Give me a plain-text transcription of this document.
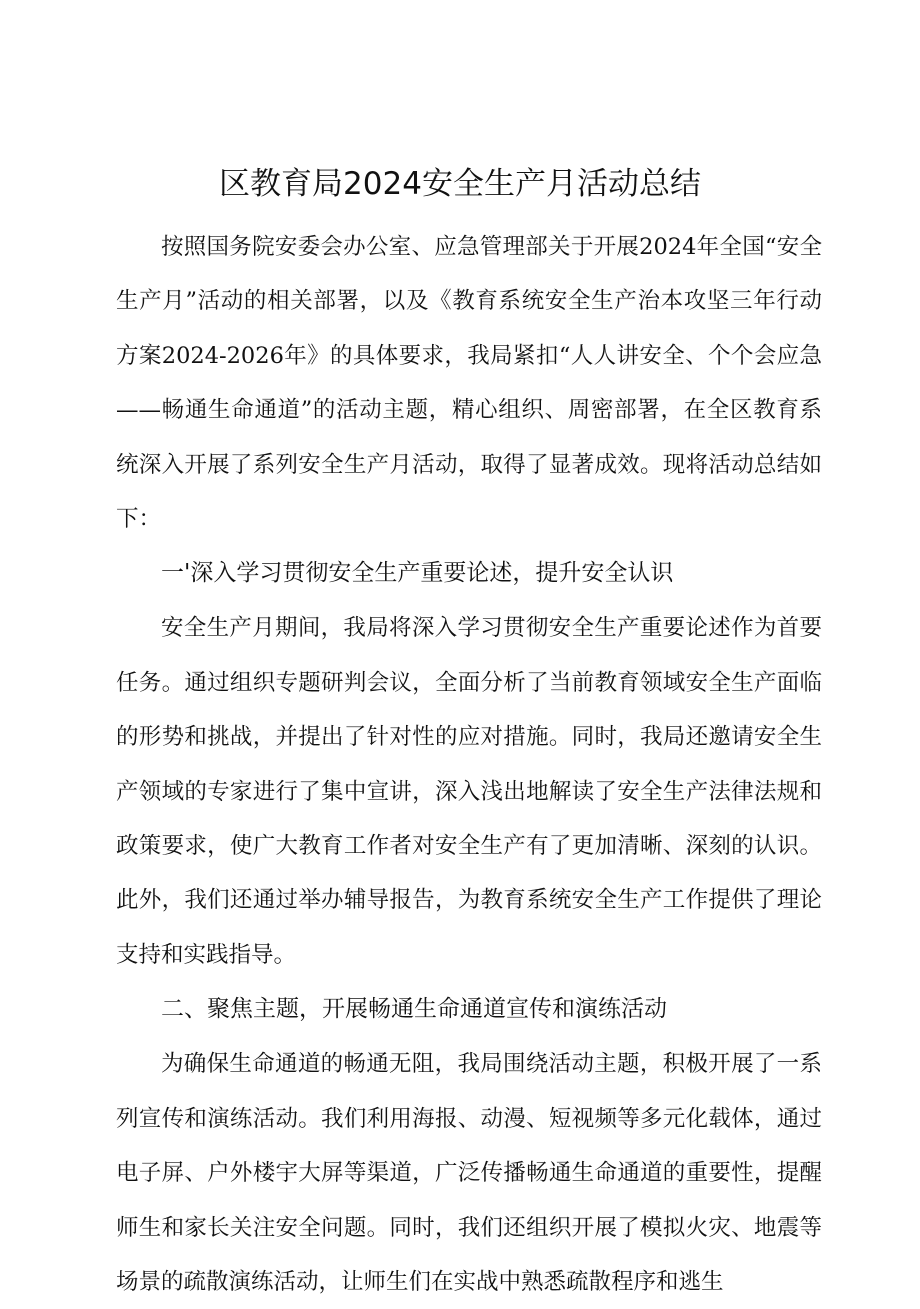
区教育局2024安全生产月活动总结

按照国务院安委会办公室、应急管理部关于开展2024年全国“安全生产月”活动的相关部署，以及《教育系统安全生产治本攻坚三年行动方案2024-2026年》的具体要求，我局紧扣“人人讲安全、个个会应急——畅通生命通道”的活动主题，精心组织、周密部署，在全区教育系统深入开展了系列安全生产月活动，取得了显著成效。现将活动总结如下：

一'深入学习贯彻安全生产重要论述，提升安全认识

安全生产月期间，我局将深入学习贯彻安全生产重要论述作为首要任务。通过组织专题研判会议，全面分析了当前教育领域安全生产面临的形势和挑战，并提出了针对性的应对措施。同时，我局还邀请安全生产领域的专家进行了集中宣讲，深入浅出地解读了安全生产法律法规和政策要求，使广大教育工作者对安全生产有了更加清晰、深刻的认识。此外，我们还通过举办辅导报告，为教育系统安全生产工作提供了理论支持和实践指导。

二、聚焦主题，开展畅通生命通道宣传和演练活动

为确保生命通道的畅通无阻，我局围绕活动主题，积极开展了一系列宣传和演练活动。我们利用海报、动漫、短视频等多元化载体，通过电子屏、户外楼宇大屏等渠道，广泛传播畅通生命通道的重要性，提醒师生和家长关注安全问题。同时，我们还组织开展了模拟火灾、地震等场景的疏散演练活动，让师生们在实战中熟悉疏散程序和逃生
